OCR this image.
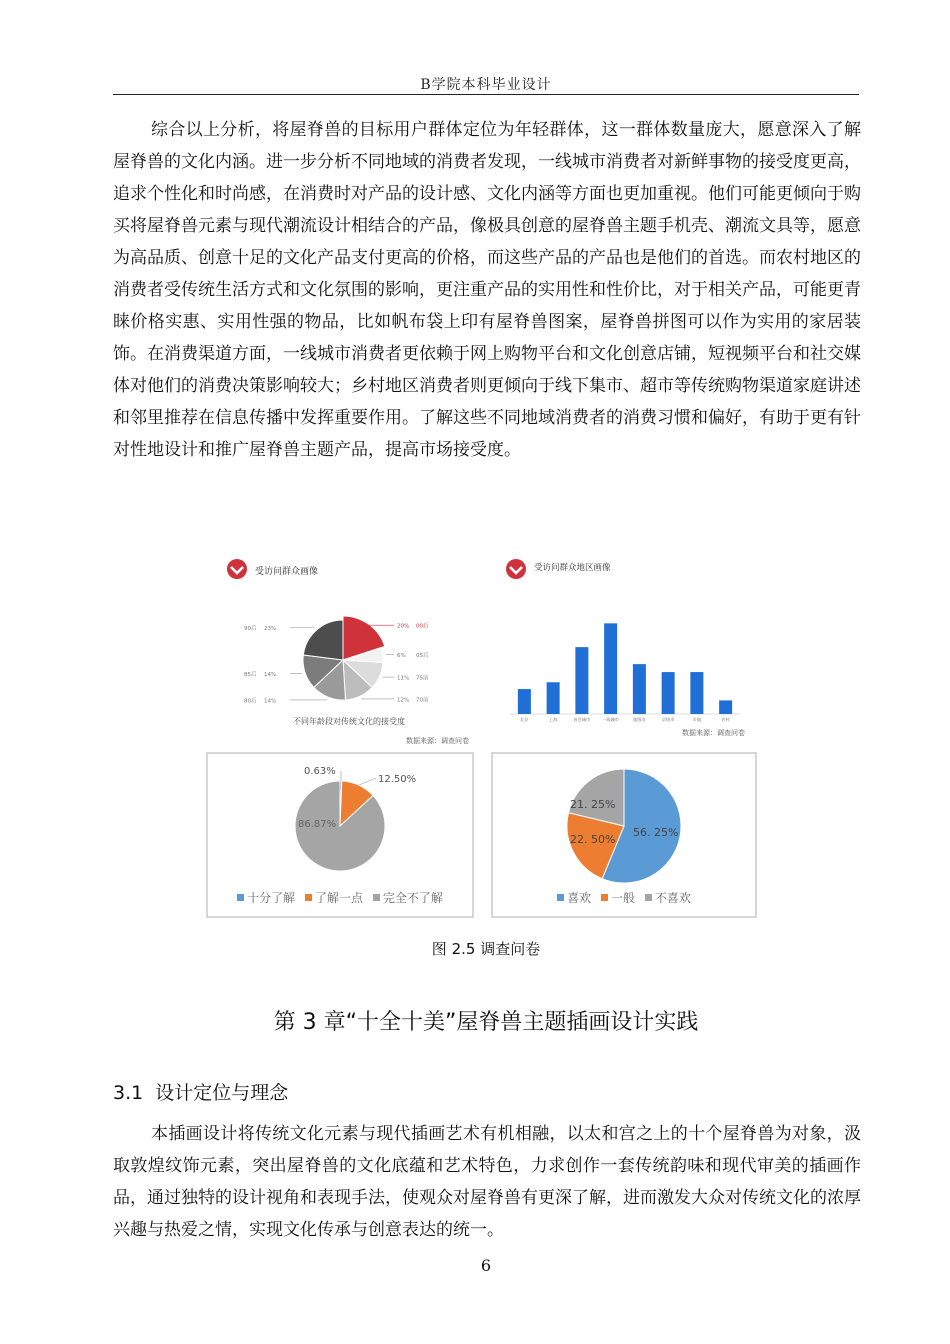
B学院本科毕业设计

综合以上分析，将屋脊兽的目标用户群体定位为年轻群体，这一群体数量庞大，愿意深入了解屋脊兽的文化内涵。进一步分析不同地域的消费者发现，一线城市消费者对新鲜事物的接受度更高，追求个性化和时尚感，在消费时对产品的设计感、文化内涵等方面也更加重视。他们可能更倾向于购买将屋脊兽元素与现代潮流设计相结合的产品，像极具创意的屋脊兽主题手机壳、潮流文具等，愿意为高品质、创意十足的文化产品支付更高的价格，而这些产品的产品也是他们的首选。而农村地区的消费者受传统生活方式和文化氛围的影响，更注重产品的实用性和性价比，对于相关产品，可能更青睐价格实惠、实用性强的物品，比如帆布袋上印有屋脊兽图案，屋脊兽拼图可以作为实用的家居装饰。在消费渠道方面，一线城市消费者更依赖于网上购物平台和文化创意店铺，短视频平台和社交媒体对他们的消费决策影响较大；乡村地区消费者则更倾向于线下集市、超市等传统购物渠道家庭讲述和邻里推荐在信息传播中发挥重要作用。了解这些不同地域消费者的消费习惯和偏好，有助于更有针对性地设计和推广屋脊兽主题产品，提高市场接受度。

受访问群众画像
20% 00后
6% 05后
11% 75前
12% 70前
14%
80后
14%
85后
23%
90后
不同年龄段对传统文化的接受度
数据来源：调查问卷
受访问群众地区画像
北京	上海	省会城市	一线城市	地级市	县级市	乡镇	农村
数据来源：调查问卷
0.63%
12.50%
86.87%
十分了解 了解一点 完全不了解
56. 25%
22. 50%
21. 25%
喜欢 一般 不喜欢
图 2.5 调查问卷
第 3 章“十全十美”屋脊兽主题插画设计实践
3.1 设计定位与理念

本插画设计将传统文化元素与现代插画艺术有机相融，以太和宫之上的十个屋脊兽为对象，汲取敦煌纹饰元素，突出屋脊兽的文化底蕴和艺术特色，力求创作一套传统韵味和现代审美的插画作品，通过独特的设计视角和表现手法，使观众对屋脊兽有更深了解，进而激发大众对传统文化的浓厚兴趣与热爱之情，实现文化传承与创意表达的统一。

6
